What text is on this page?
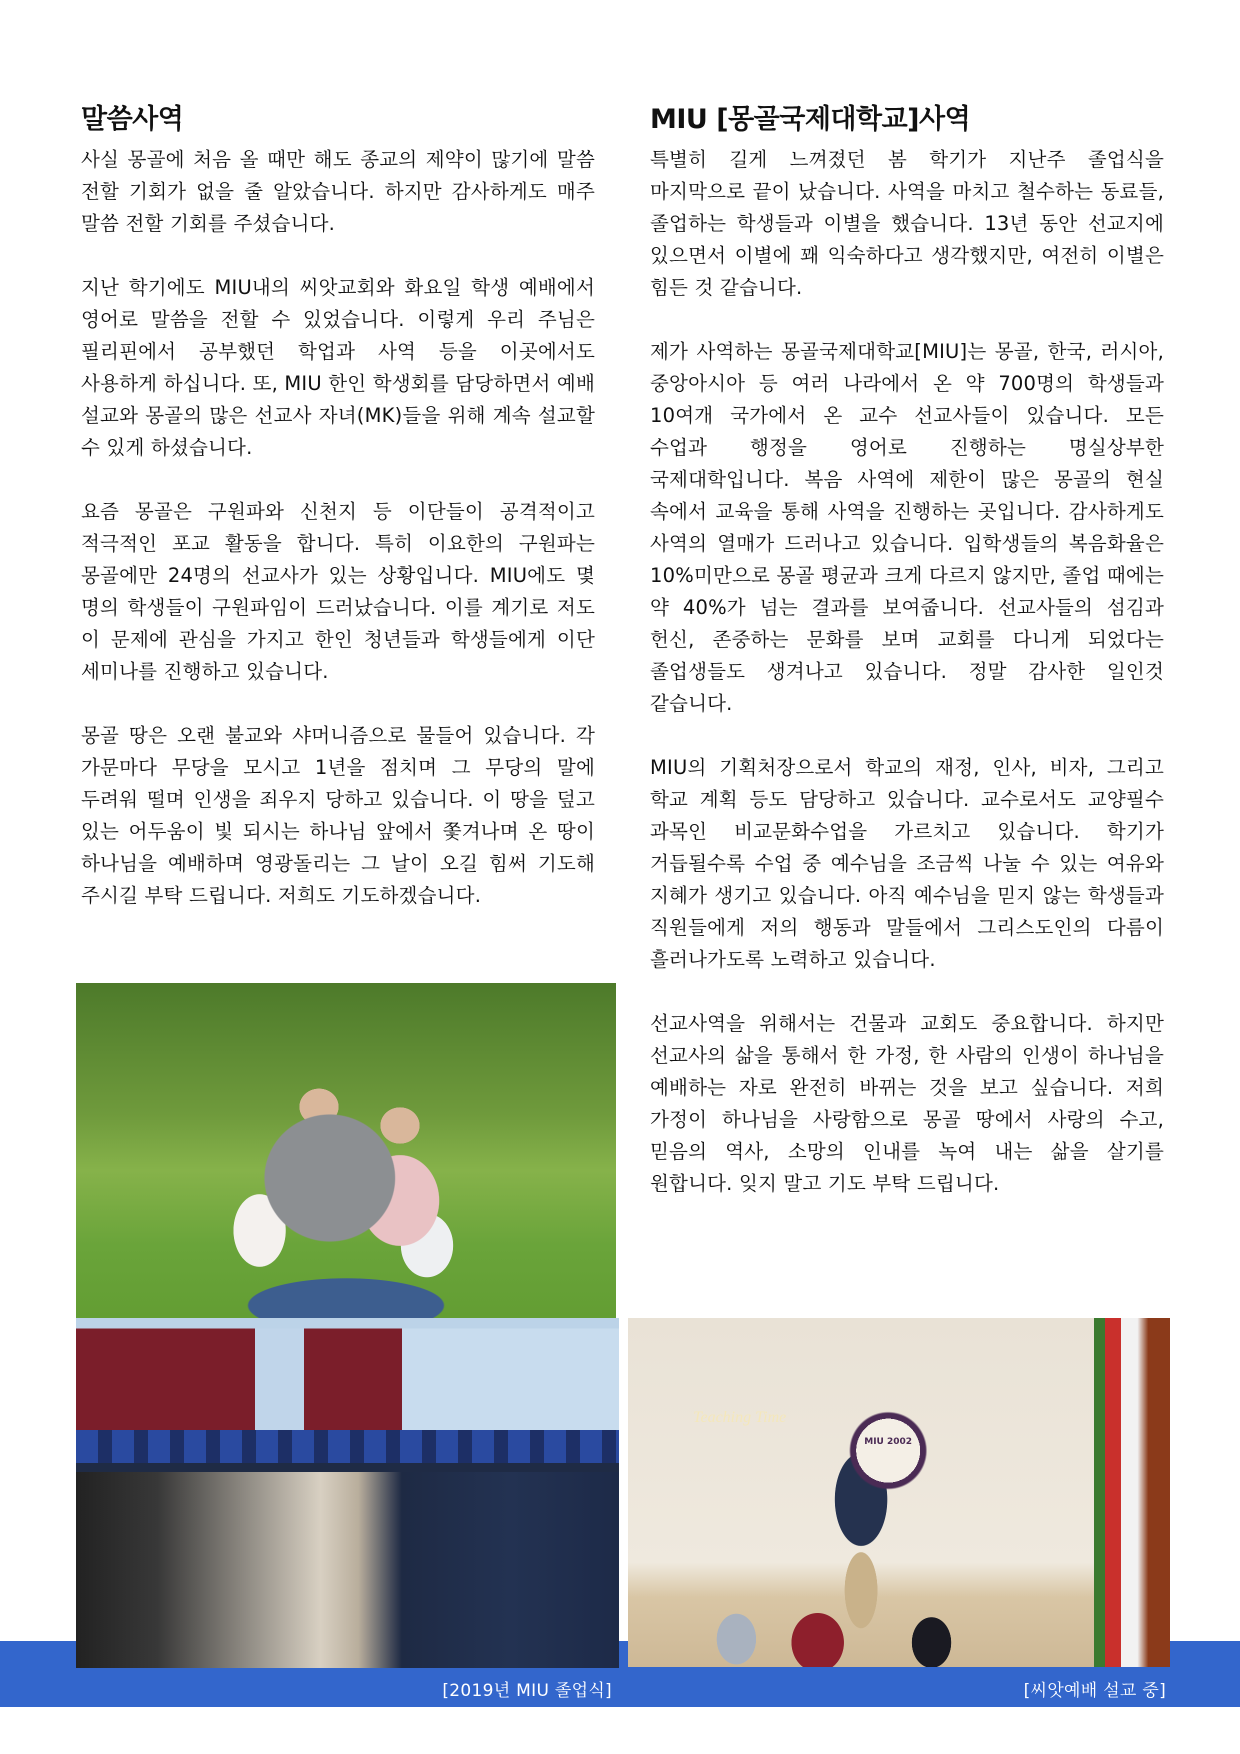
말씀사역

사실 몽골에 처음 올 때만 해도 종교의 제약이 많기에 말씀 전할 기회가 없을 줄 알았습니다. 하지만 감사하게도 매주 말씀 전할 기회를 주셨습니다.

지난 학기에도 MIU내의 씨앗교회와 화요일 학생 예배에서 영어로 말씀을 전할 수 있었습니다. 이렇게 우리 주님은 필리핀에서 공부했던 학업과 사역 등을 이곳에서도 사용하게 하십니다. 또, MIU 한인 학생회를 담당하면서 예배 설교와 몽골의 많은 선교사 자녀(MK)들을 위해 계속 설교할 수 있게 하셨습니다.

요즘 몽골은 구원파와 신천지 등 이단들이 공격적이고 적극적인 포교 활동을 합니다. 특히 이요한의 구원파는 몽골에만 24명의 선교사가 있는 상황입니다. MIU에도 몇 명의 학생들이 구원파임이 드러났습니다. 이를 계기로 저도 이 문제에 관심을 가지고 한인 청년들과 학생들에게 이단 세미나를 진행하고 있습니다.

몽골 땅은 오랜 불교와 샤머니즘으로 물들어 있습니다. 각 가문마다 무당을 모시고 1년을 점치며 그 무당의 말에 두려워 떨며 인생을 죄우지 당하고 있습니다. 이 땅을 덮고 있는 어두움이 빛 되시는 하나님 앞에서 쫓겨나며 온 땅이 하나님을 예배하며 영광돌리는 그 날이 오길 힘써 기도해 주시길 부탁 드립니다. 저희도 기도하겠습니다.

MIU [몽골국제대학교]사역

특별히 길게 느껴졌던 봄 학기가 지난주 졸업식을 마지막으로 끝이 났습니다. 사역을 마치고 철수하는 동료들, 졸업하는 학생들과 이별을 했습니다. 13년 동안 선교지에 있으면서 이별에 꽤 익숙하다고 생각했지만, 여전히 이별은 힘든 것 같습니다.

제가 사역하는 몽골국제대학교[MIU]는 몽골, 한국, 러시아, 중앙아시아 등 여러 나라에서 온 약 700명의 학생들과 10여개 국가에서 온 교수 선교사들이 있습니다. 모든 수업과 행정을 영어로 진행하는 명실상부한 국제대학입니다. 복음 사역에 제한이 많은 몽골의 현실 속에서 교육을 통해 사역을 진행하는 곳입니다. 감사하게도 사역의 열매가 드러나고 있습니다. 입학생들의 복음화율은 10%미만으로 몽골 평균과 크게 다르지 않지만, 졸업 때에는 약 40%가 넘는 결과를 보여줍니다. 선교사들의 섬김과 헌신, 존중하는 문화를 보며 교회를 다니게 되었다는 졸업생들도 생겨나고 있습니다. 정말 감사한 일인것 같습니다.

MIU의 기획처장으로서 학교의 재정, 인사, 비자, 그리고 학교 계획 등도 담당하고 있습니다. 교수로서도 교양필수 과목인 비교문화수업을 가르치고 있습니다. 학기가 거듭될수록 수업 중 예수님을 조금씩 나눌 수 있는 여유와 지혜가 생기고 있습니다. 아직 예수님을 믿지 않는 학생들과 직원들에게 저의 행동과 말들에서 그리스도인의 다름이 흘러나가도록 노력하고 있습니다.

선교사역을 위해서는 건물과 교회도 중요합니다. 하지만 선교사의 삶을 통해서 한 가정, 한 사람의 인생이 하나님을 예배하는 자로 완전히 바뀌는 것을 보고 싶습니다. 저희 가정이 하나님을 사랑함으로 몽골 땅에서 사랑의 수고, 믿음의 역사, 소망의 인내를 녹여 내는 삶을 살기를 원합니다. 잊지 말고 기도 부탁 드립니다.

Teaching Time
MIU 2002
[2019년 MIU 졸업식]	[씨앗예배 설교 중]
